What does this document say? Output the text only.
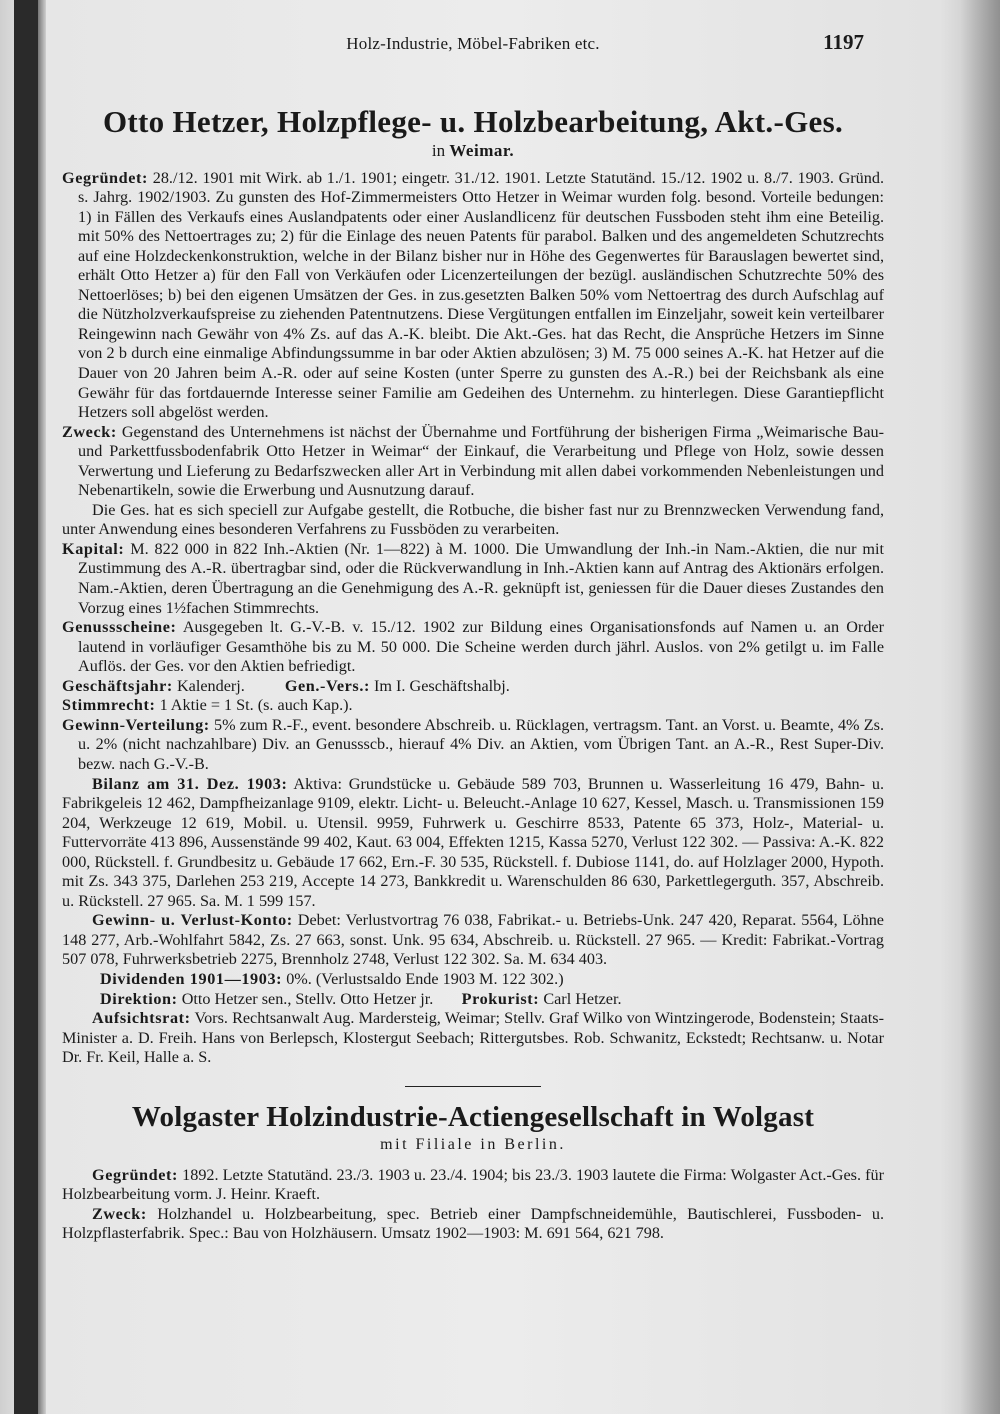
Holz-Industrie, Möbel-Fabriken etc.	1197
Otto Hetzer, Holzpflege- u. Holzbearbeitung, Akt.-Ges.
in Weimar.

Gegründet: 28./12. 1901 mit Wirk. ab 1./1. 1901; eingetr. 31./12. 1901. Letzte Statutänd. 15./12. 1902 u. 8./7. 1903. Gründ. s. Jahrg. 1902/1903. Zu gunsten des Hof-Zimmermeisters Otto Hetzer in Weimar wurden folg. besond. Vorteile bedungen: 1) in Fällen des Verkaufs eines Auslandpatents oder einer Auslandlicenz für deutschen Fussboden steht ihm eine Beteilig. mit 50% des Nettoertrages zu; 2) für die Einlage des neuen Patents für parabol. Balken und des angemeldeten Schutzrechts auf eine Holzdeckenkonstruktion, welche in der Bilanz bisher nur in Höhe des Gegenwertes für Barauslagen bewertet sind, erhält Otto Hetzer a) für den Fall von Verkäufen oder Licenzerteilungen der bezügl. ausländischen Schutzrechte 50% des Nettoerlöses; b) bei den eigenen Umsätzen der Ges. in zus.gesetzten Balken 50% vom Nettoertrag des durch Aufschlag auf die Nützholzverkaufspreise zu ziehenden Patentnutzens. Diese Vergütungen entfallen im Einzeljahr, soweit kein verteilbarer Reingewinn nach Gewähr von 4% Zs. auf das A.-K. bleibt. Die Akt.-Ges. hat das Recht, die Ansprüche Hetzers im Sinne von 2 b durch eine einmalige Abfindungssumme in bar oder Aktien abzulösen; 3) M. 75 000 seines A.-K. hat Hetzer auf die Dauer von 20 Jahren beim A.-R. oder auf seine Kosten (unter Sperre zu gunsten des A.-R.) bei der Reichsbank als eine Gewähr für das fortdauernde Interesse seiner Familie am Gedeihen des Unternehm. zu hinterlegen. Diese Garantiepflicht Hetzers soll abgelöst werden.

Zweck: Gegenstand des Unternehmens ist nächst der Übernahme und Fortführung der bisherigen Firma „Weimarische Bau- und Parkettfussbodenfabrik Otto Hetzer in Weimar“ der Einkauf, die Verarbeitung und Pflege von Holz, sowie dessen Verwertung und Lieferung zu Bedarfszwecken aller Art in Verbindung mit allen dabei vorkommenden Nebenleistungen und Nebenartikeln, sowie die Erwerbung und Ausnutzung darauf.

Die Ges. hat es sich speciell zur Aufgabe gestellt, die Rotbuche, die bisher fast nur zu Brennzwecken Verwendung fand, unter Anwendung eines besonderen Verfahrens zu Fussböden zu verarbeiten.

Kapital: M. 822 000 in 822 Inh.-Aktien (Nr. 1—822) à M. 1000. Die Umwandlung der Inh.-in Nam.-Aktien, die nur mit Zustimmung des A.-R. übertragbar sind, oder die Rückverwandlung in Inh.-Aktien kann auf Antrag des Aktionärs erfolgen. Nam.-Aktien, deren Übertragung an die Genehmigung des A.-R. geknüpft ist, geniessen für die Dauer dieses Zustandes den Vorzug eines 1½fachen Stimmrechts.

Genussscheine: Ausgegeben lt. G.-V.-B. v. 15./12. 1902 zur Bildung eines Organisationsfonds auf Namen u. an Order lautend in vorläufiger Gesamthöhe bis zu M. 50 000. Die Scheine werden durch jährl. Auslos. von 2% getilgt u. im Falle Auflös. der Ges. vor den Aktien befriedigt.

Geschäftsjahr: Kalenderj. Gen.-Vers.: Im I. Geschäftshalbj.

Stimmrecht: 1 Aktie = 1 St. (s. auch Kap.).

Gewinn-Verteilung: 5% zum R.-F., event. besondere Abschreib. u. Rücklagen, vertragsm. Tant. an Vorst. u. Beamte, 4% Zs. u. 2% (nicht nachzahlbare) Div. an Genussscb., hierauf 4% Div. an Aktien, vom Übrigen Tant. an A.-R., Rest Super-Div. bezw. nach G.-V.-B.

Bilanz am 31. Dez. 1903: Aktiva: Grundstücke u. Gebäude 589 703, Brunnen u. Wasserleitung 16 479, Bahn- u. Fabrikgeleis 12 462, Dampfheizanlage 9109, elektr. Licht- u. Beleucht.-Anlage 10 627, Kessel, Masch. u. Transmissionen 159 204, Werkzeuge 12 619, Mobil. u. Utensil. 9959, Fuhrwerk u. Geschirre 8533, Patente 65 373, Holz-, Material- u. Futtervorräte 413 896, Aussenstände 99 402, Kaut. 63 004, Effekten 1215, Kassa 5270, Verlust 122 302. — Passiva: A.-K. 822 000, Rückstell. f. Grundbesitz u. Gebäude 17 662, Ern.-F. 30 535, Rückstell. f. Dubiose 1141, do. auf Holzlager 2000, Hypoth. mit Zs. 343 375, Darlehen 253 219, Accepte 14 273, Bankkredit u. Warenschulden 86 630, Parkettlegerguth. 357, Abschreib. u. Rückstell. 27 965. Sa. M. 1 599 157.

Gewinn- u. Verlust-Konto: Debet: Verlustvortrag 76 038, Fabrikat.- u. Betriebs-Unk. 247 420, Reparat. 5564, Löhne 148 277, Arb.-Wohlfahrt 5842, Zs. 27 663, sonst. Unk. 95 634, Abschreib. u. Rückstell. 27 965. — Kredit: Fabrikat.-Vortrag 507 078, Fuhrwerksbetrieb 2275, Brennholz 2748, Verlust 122 302. Sa. M. 634 403.

Dividenden 1901—1903: 0%. (Verlustsaldo Ende 1903 M. 122 302.)

Direktion: Otto Hetzer sen., Stellv. Otto Hetzer jr. Prokurist: Carl Hetzer.

Aufsichtsrat: Vors. Rechtsanwalt Aug. Mardersteig, Weimar; Stellv. Graf Wilko von Wintzingerode, Bodenstein; Staats-Minister a. D. Freih. Hans von Berlepsch, Klostergut Seebach; Rittergutsbes. Rob. Schwanitz, Eckstedt; Rechtsanw. u. Notar Dr. Fr. Keil, Halle a. S.

Wolgaster Holzindustrie-Actiengesellschaft in Wolgast
mit Filiale in Berlin.

Gegründet: 1892. Letzte Statutänd. 23./3. 1903 u. 23./4. 1904; bis 23./3. 1903 lautete die Firma: Wolgaster Act.-Ges. für Holzbearbeitung vorm. J. Heinr. Kraeft.

Zweck: Holzhandel u. Holzbearbeitung, spec. Betrieb einer Dampfschneidemühle, Bautischlerei, Fussboden- u. Holzpflasterfabrik. Spec.: Bau von Holzhäusern. Umsatz 1902—1903: M. 691 564, 621 798.
